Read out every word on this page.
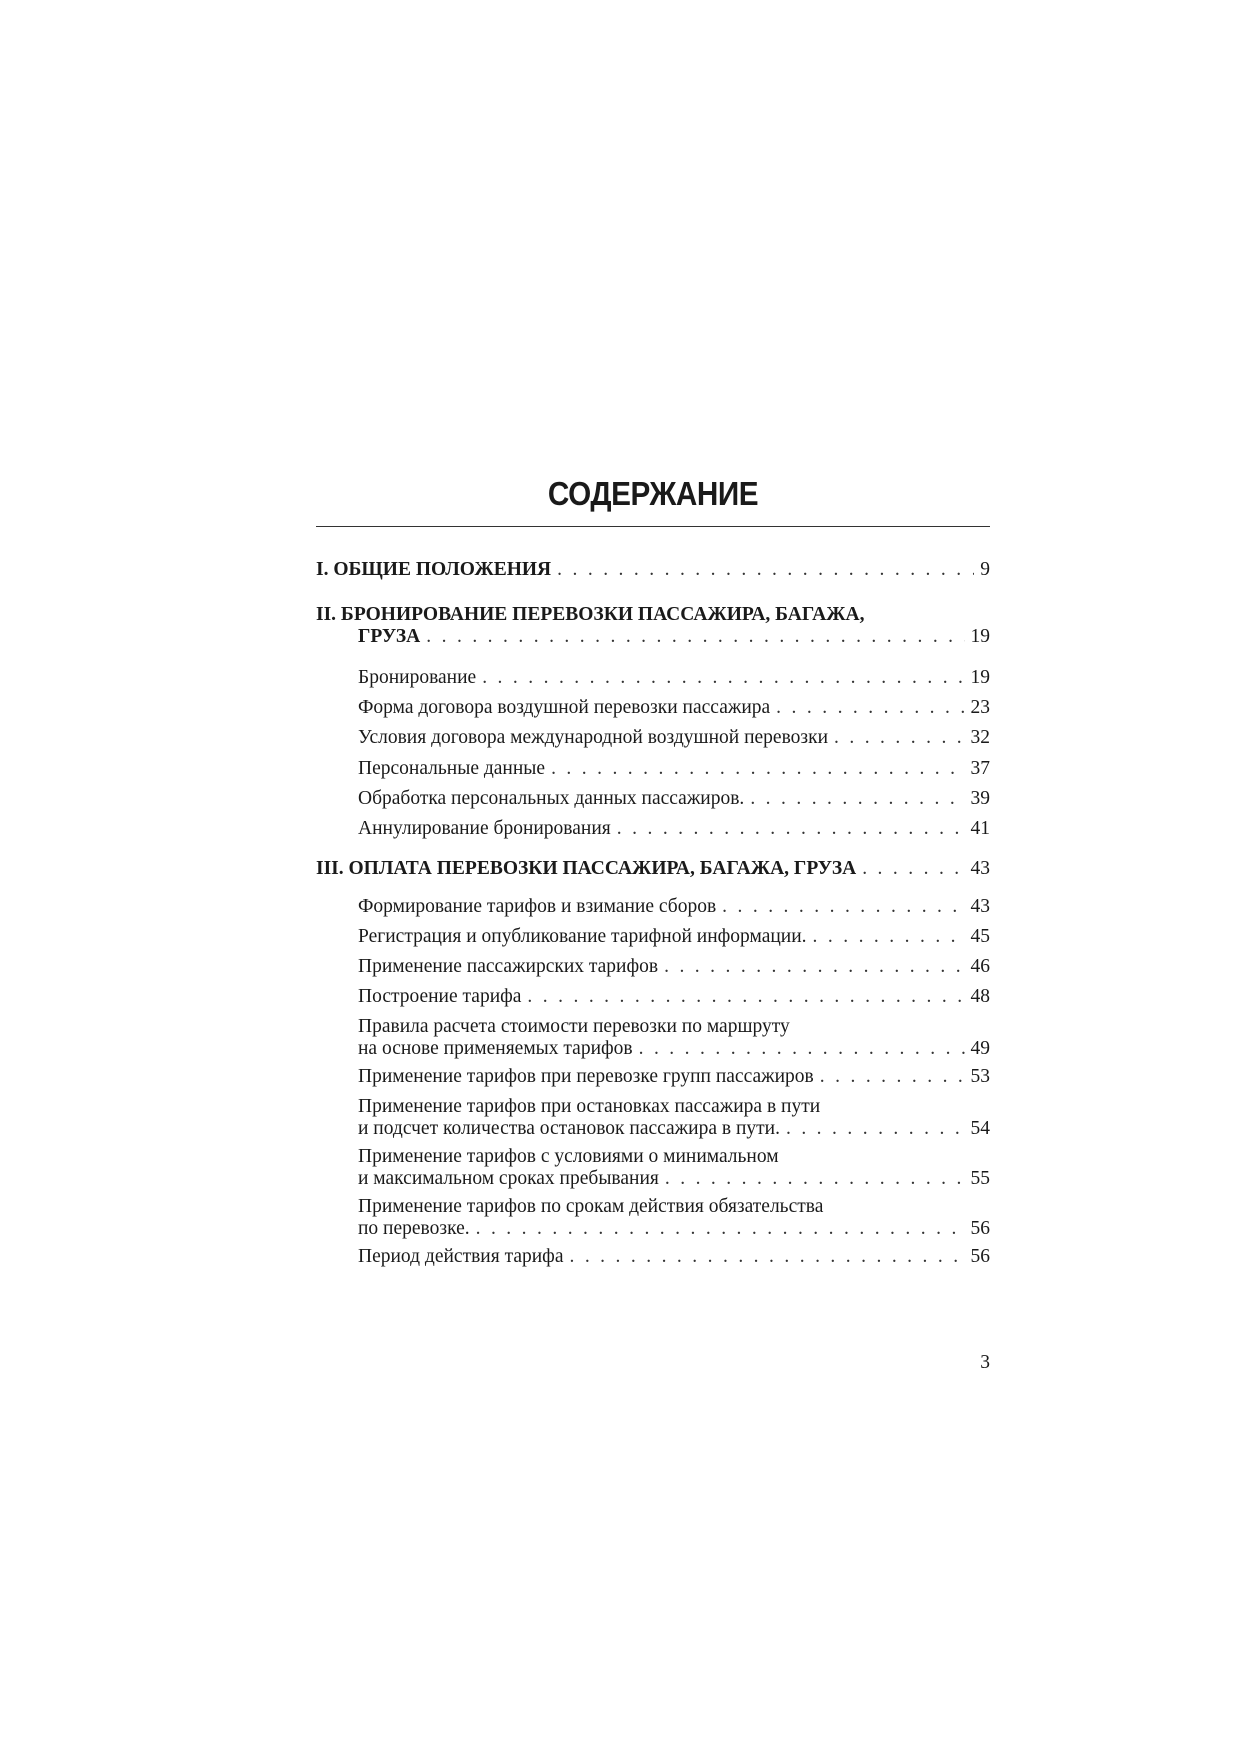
СОДЕРЖАНИЕ
I. ОБЩИЕ ПОЛОЖЕНИЯ . . .	9
II. БРОНИРОВАНИЕ ПЕРЕВОЗКИ ПАССАЖИРА, БАГАЖА,
ГРУЗА . . .	19
Бронирование . . .	19
Форма договора воздушной перевозки пассажира . . .	23
Условия договора международной воздушной перевозки . . .	32
Персональные данные . . .	37
Обработка персональных данных пассажиров. . . .	39
Аннулирование бронирования . . .	41
III. ОПЛАТА ПЕРЕВОЗКИ ПАССАЖИРА, БАГАЖА, ГРУЗА . . .	43
Формирование тарифов и взимание сборов . . .	43
Регистрация и опубликование тарифной информации. . . .	45
Применение пассажирских тарифов . . .	46
Построение тарифа . . .	48
Правила расчета стоимости перевозки по маршруту
на основе применяемых тарифов . . .	49
Применение тарифов при перевозке групп пассажиров . . .	53
Применение тарифов при остановках пассажира в пути
и подсчет количества остановок пассажира в пути. . . .	54
Применение тарифов с условиями о минимальном
и максимальном сроках пребывания . . .	55
Применение тарифов по срокам действия обязательства
по перевозке. . . .	56
Период действия тарифа . . .	56
3
